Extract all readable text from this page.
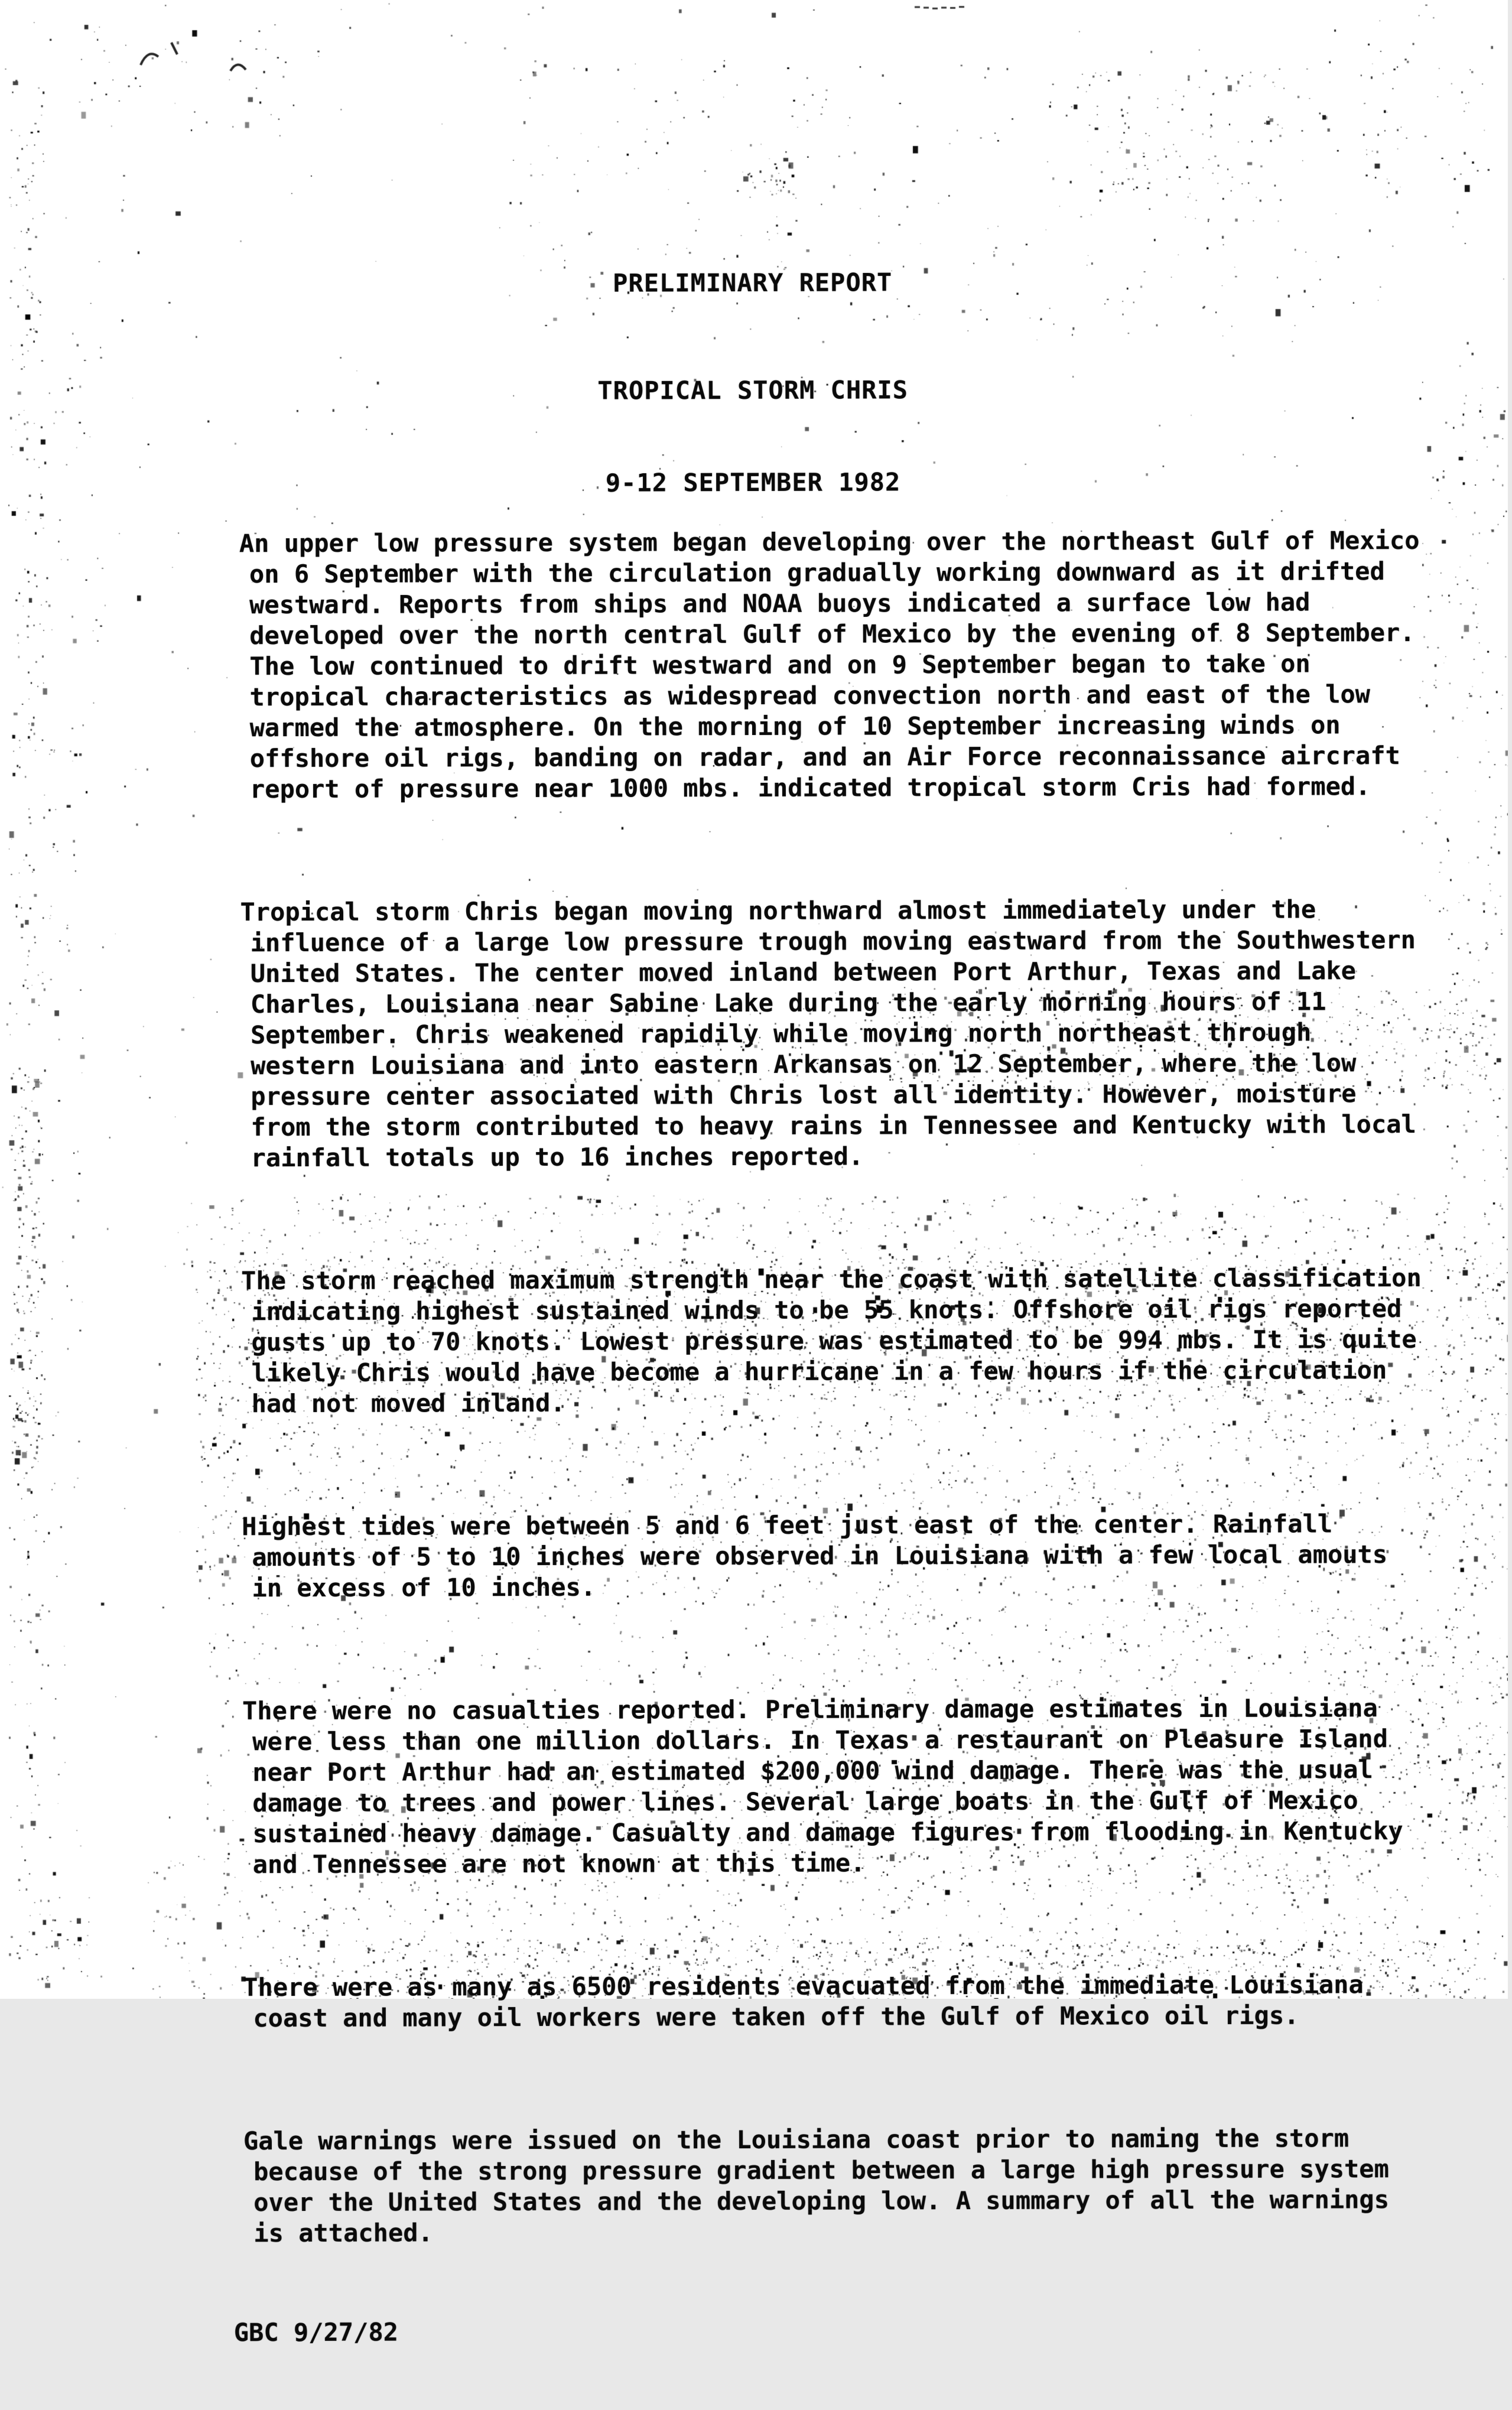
PRELIMINARY REPORT

TROPICAL STORM CHRIS

9-12 SEPTEMBER 1982

An upper low pressure system began developing over the northeast Gulf of Mexico
on 6 September with the circulation gradually working downward as it drifted
westward. Reports from ships and NOAA buoys indicated a surface low had
developed over the north central Gulf of Mexico by the evening of 8 September.
The low continued to drift westward and on 9 September began to take on
tropical characteristics as widespread convection north and east of the low
warmed the atmosphere. On the morning of 10 September increasing winds on
offshore oil rigs, banding on radar, and an Air Force reconnaissance aircraft
report of pressure near 1000 mbs. indicated tropical storm Cris had formed.

Tropical storm Chris began moving northward almost immediately under the
influence of a large low pressure trough moving eastward from the Southwestern
United States. The center moved inland between Port Arthur, Texas and Lake
Charles, Louisiana near Sabine Lake during the early morning hours of 11
September. Chris weakened rapidily while moving north northeast through
western Louisiana and into eastern Arkansas on 12 September, where the low
pressure center associated with Chris lost all identity. However, moisture
from the storm contributed to heavy rains in Tennessee and Kentucky with local
rainfall totals up to 16 inches reported.

The storm reached maximum strength near the coast with satellite classification
indicating highest sustained winds to be 55 knots. Offshore oil rigs reported
gusts up to 70 knots. Lowest pressure was estimated to be 994 mbs. It is quite
likely Chris would have become a hurricane in a few hours if the circulation
had not moved inland.

Highest tides were between 5 and 6 feet just east of the center. Rainfall
amounts of 5 to 10 inches were observed in Louisiana with a few local amouts
in excess of 10 inches.

There were no casualties reported. Preliminary damage estimates in Louisiana
were less than one million dollars. In Texas a restaurant on Pleasure Island
near Port Arthur had an estimated $200,000 wind damage. There was the usual
damage to trees and power lines. Several large boats in the Gulf of Mexico
sustained heavy damage. Casualty and damage figures from flooding in Kentucky
and Tennessee are not known at this time.

There were as many as 6500 residents evacuated from the immediate Louisiana
coast and many oil workers were taken off the Gulf of Mexico oil rigs.

Gale warnings were issued on the Louisiana coast prior to naming the storm
because of the strong pressure gradient between a large high pressure system
over the United States and the developing low. A summary of all the warnings
is attached.

GBC 9/27/82
